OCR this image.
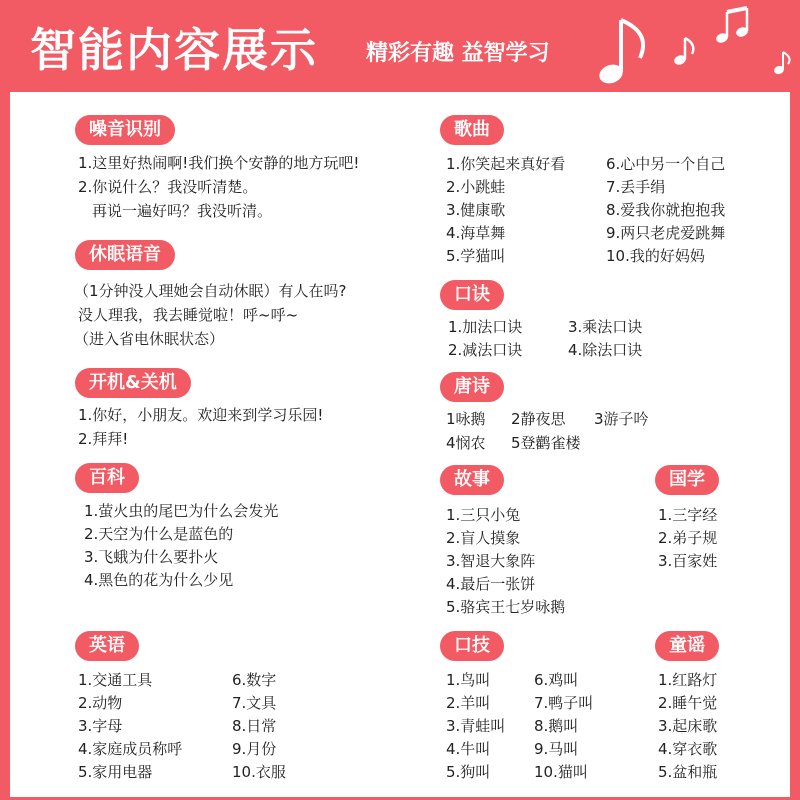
智能内容展示 精彩有趣 益智学习
噪音识别
1.这里好热闹啊!我们换个安静的地方玩吧!
2.你说什么？我没听清楚。
再说一遍好吗？我没听清。
休眠语音
（1分钟没人理她会自动休眠）有人在吗?
没人理我，我去睡觉啦！呼~呼~
（进入省电休眠状态）
开机&关机
1.你好，小朋友。欢迎来到学习乐园!
2.拜拜!
百科
1.萤火虫的尾巴为什么会发光
2.天空为什么是蓝色的
3.飞蛾为什么要扑火
4.黑色的花为什么少见
英语
1.交通工具
2.动物
3.字母
4.家庭成员称呼
5.家用电器
6.数字
7.文具
8.日常
9.月份
10.衣服
歌曲
1.你笑起来真好看
2.小跳蛙
3.健康歌
4.海草舞
5.学猫叫
6.心中另一个自己
7.丢手绢
8.爱我你就抱抱我
9.两只老虎爱跳舞
10.我的好妈妈
口诀
1.加法口诀
2.减法口诀
3.乘法口诀
4.除法口诀
唐诗
1咏鹅 2静夜思 3游子吟
4悯农 5登鹳雀楼
故事
1.三只小兔
2.盲人摸象
3.智退大象阵
4.最后一张饼
5.骆宾王七岁咏鹅
国学
1.三字经
2.弟子规
3.百家姓
口技
1.鸟叫
2.羊叫
3.青蛙叫
4.牛叫
5.狗叫
6.鸡叫
7.鸭子叫
8.鹅叫
9.马叫
10.猫叫
童谣
1.红路灯
2.睡午觉
3.起床歌
4.穿衣歌
5.盆和瓶
